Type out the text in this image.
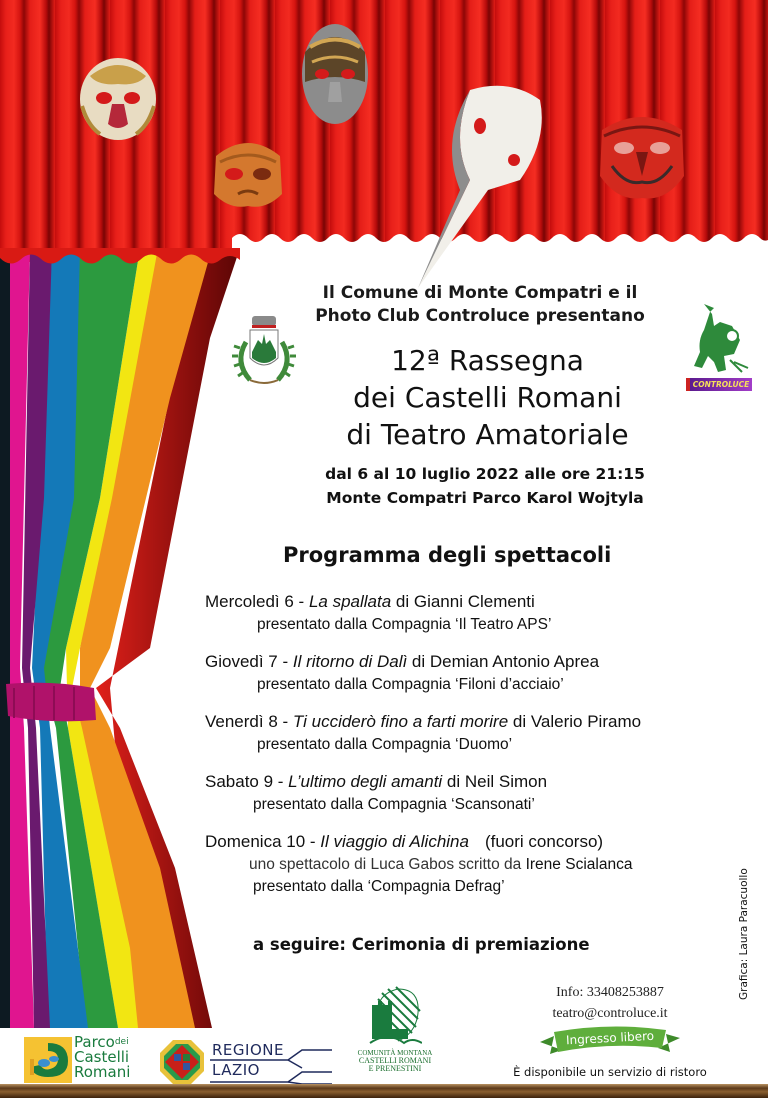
CONTROLUCE
Il Comune di Monte Compatri e il
Photo Club Controluce presentano
12ª Rassegna
dei Castelli Romani
di Teatro Amatoriale
dal 6 al 10 luglio 2022 alle ore 21:15
Monte Compatri Parco Karol Wojtyla
Programma degli spettacoli
Mercoledì 6 - La spallata di Gianni Clementi
presentato dalla Compagnia ‘Il Teatro APS’
Giovedì 7 - Il ritorno di Dalì di Demian Antonio Aprea
presentato dalla Compagnia ‘Filoni d’acciaio’
Venerdì 8 - Ti ucciderò fino a farti morire di Valerio Piramo
presentato dalla Compagnia ‘Duomo’
Sabato 9 - L’ultimo degli amanti di Neil Simon
presentato dalla Compagnia ‘Scansonati’
Domenica 10 - Il viaggio di Alichina (fuori concorso)
uno spettacolo di Luca Gabos scritto da Irene Scialanca
presentato dalla ‘Compagnia Defrag’
a seguire: Cerimonia di premiazione	Grafica: Laura Paracuollo
Info: 33408253887
teatro@controluce.it
Ingresso libero
È disponibile un servizio di ristoro
Parco$^{dei}$
Castelli
Romani
REGIONE
LAZIO
COMUNITÀ MONTANA
CASTELLI ROMANI
E PRENESTINI
